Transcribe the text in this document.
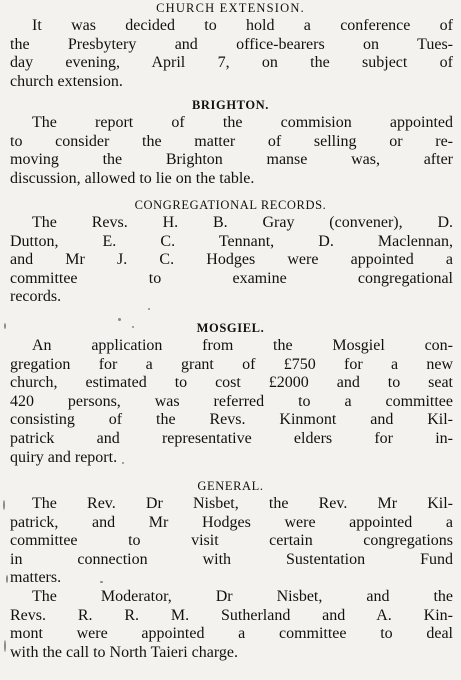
CHURCH EXTENSION.
It was decided to hold a conference of
the Presbytery and office-bearers on Tues-
day evening, April 7, on the subject of
church extension.
BRIGHTON.
The report of the commision appointed
to consider the matter of selling or re-
moving the Brighton manse was, after
discussion, allowed to lie on the table.
CONGREGATIONAL RECORDS.
The Revs. H. B. Gray (convener), D.
Dutton, E. C. Tennant, D. Maclennan,
and Mr J. C. Hodges were appointed a
committee to examine congregational
records.
MOSGIEL.
An application from the Mosgiel con-
gregation for a grant of £750 for a new
church, estimated to cost £2000 and to seat
420 persons, was referred to a committee
consisting of the Revs. Kinmont and Kil-
patrick and representative elders for in-
quiry and report.
GENERAL.
The Rev. Dr Nisbet, the Rev. Mr Kil-
patrick, and Mr Hodges were appointed a
committee to visit certain congregations
in connection with Sustentation Fund
matters.
The Moderator, Dr Nisbet, and the
Revs. R. R. M. Sutherland and A. Kin-
mont were appointed a committee to deal
with the call to North Taieri charge.
